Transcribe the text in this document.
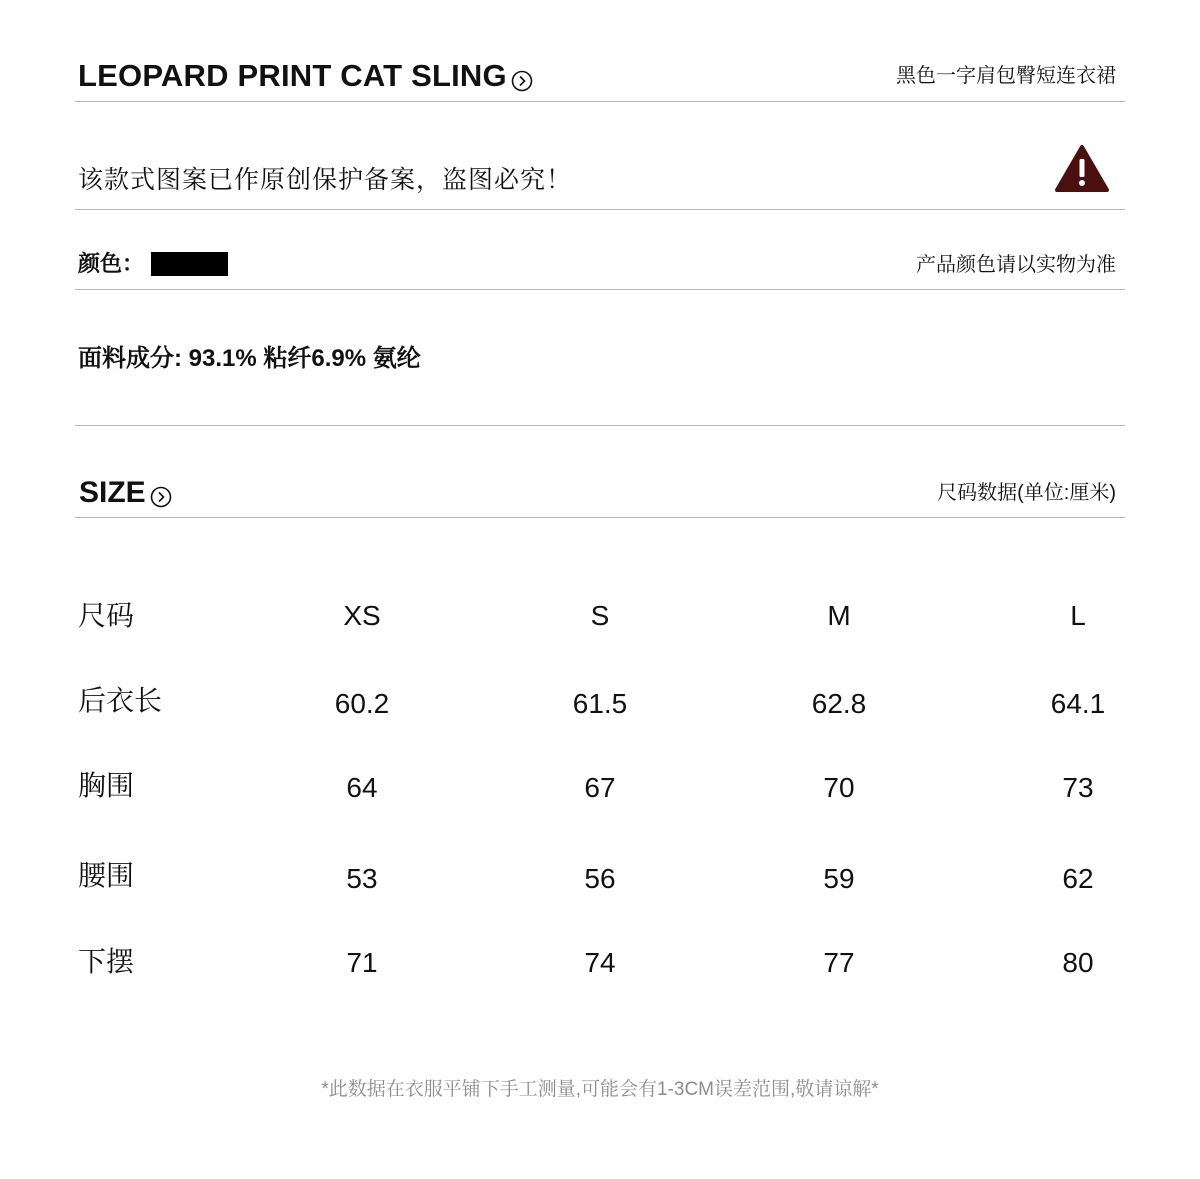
LEOPARD PRINT CAT SLING	黑色一字肩包臀短连衣裙
该款式图案已作原创保护备案，盗图必究！
颜色：	产品颜色请以实物为准
面料成分: 93.1% 粘纤6.9% 氨纶
SIZE	尺码数据(单位:厘米)
尺码	XS	S	M	L
后衣长	60.2	61.5	62.8	64.1
胸围	64	67	70	73
腰围	53	56	59	62
下摆	71	74	77	80
*此数据在衣服平铺下手工测量,可能会有1-3CM误差范围,敬请谅解*
